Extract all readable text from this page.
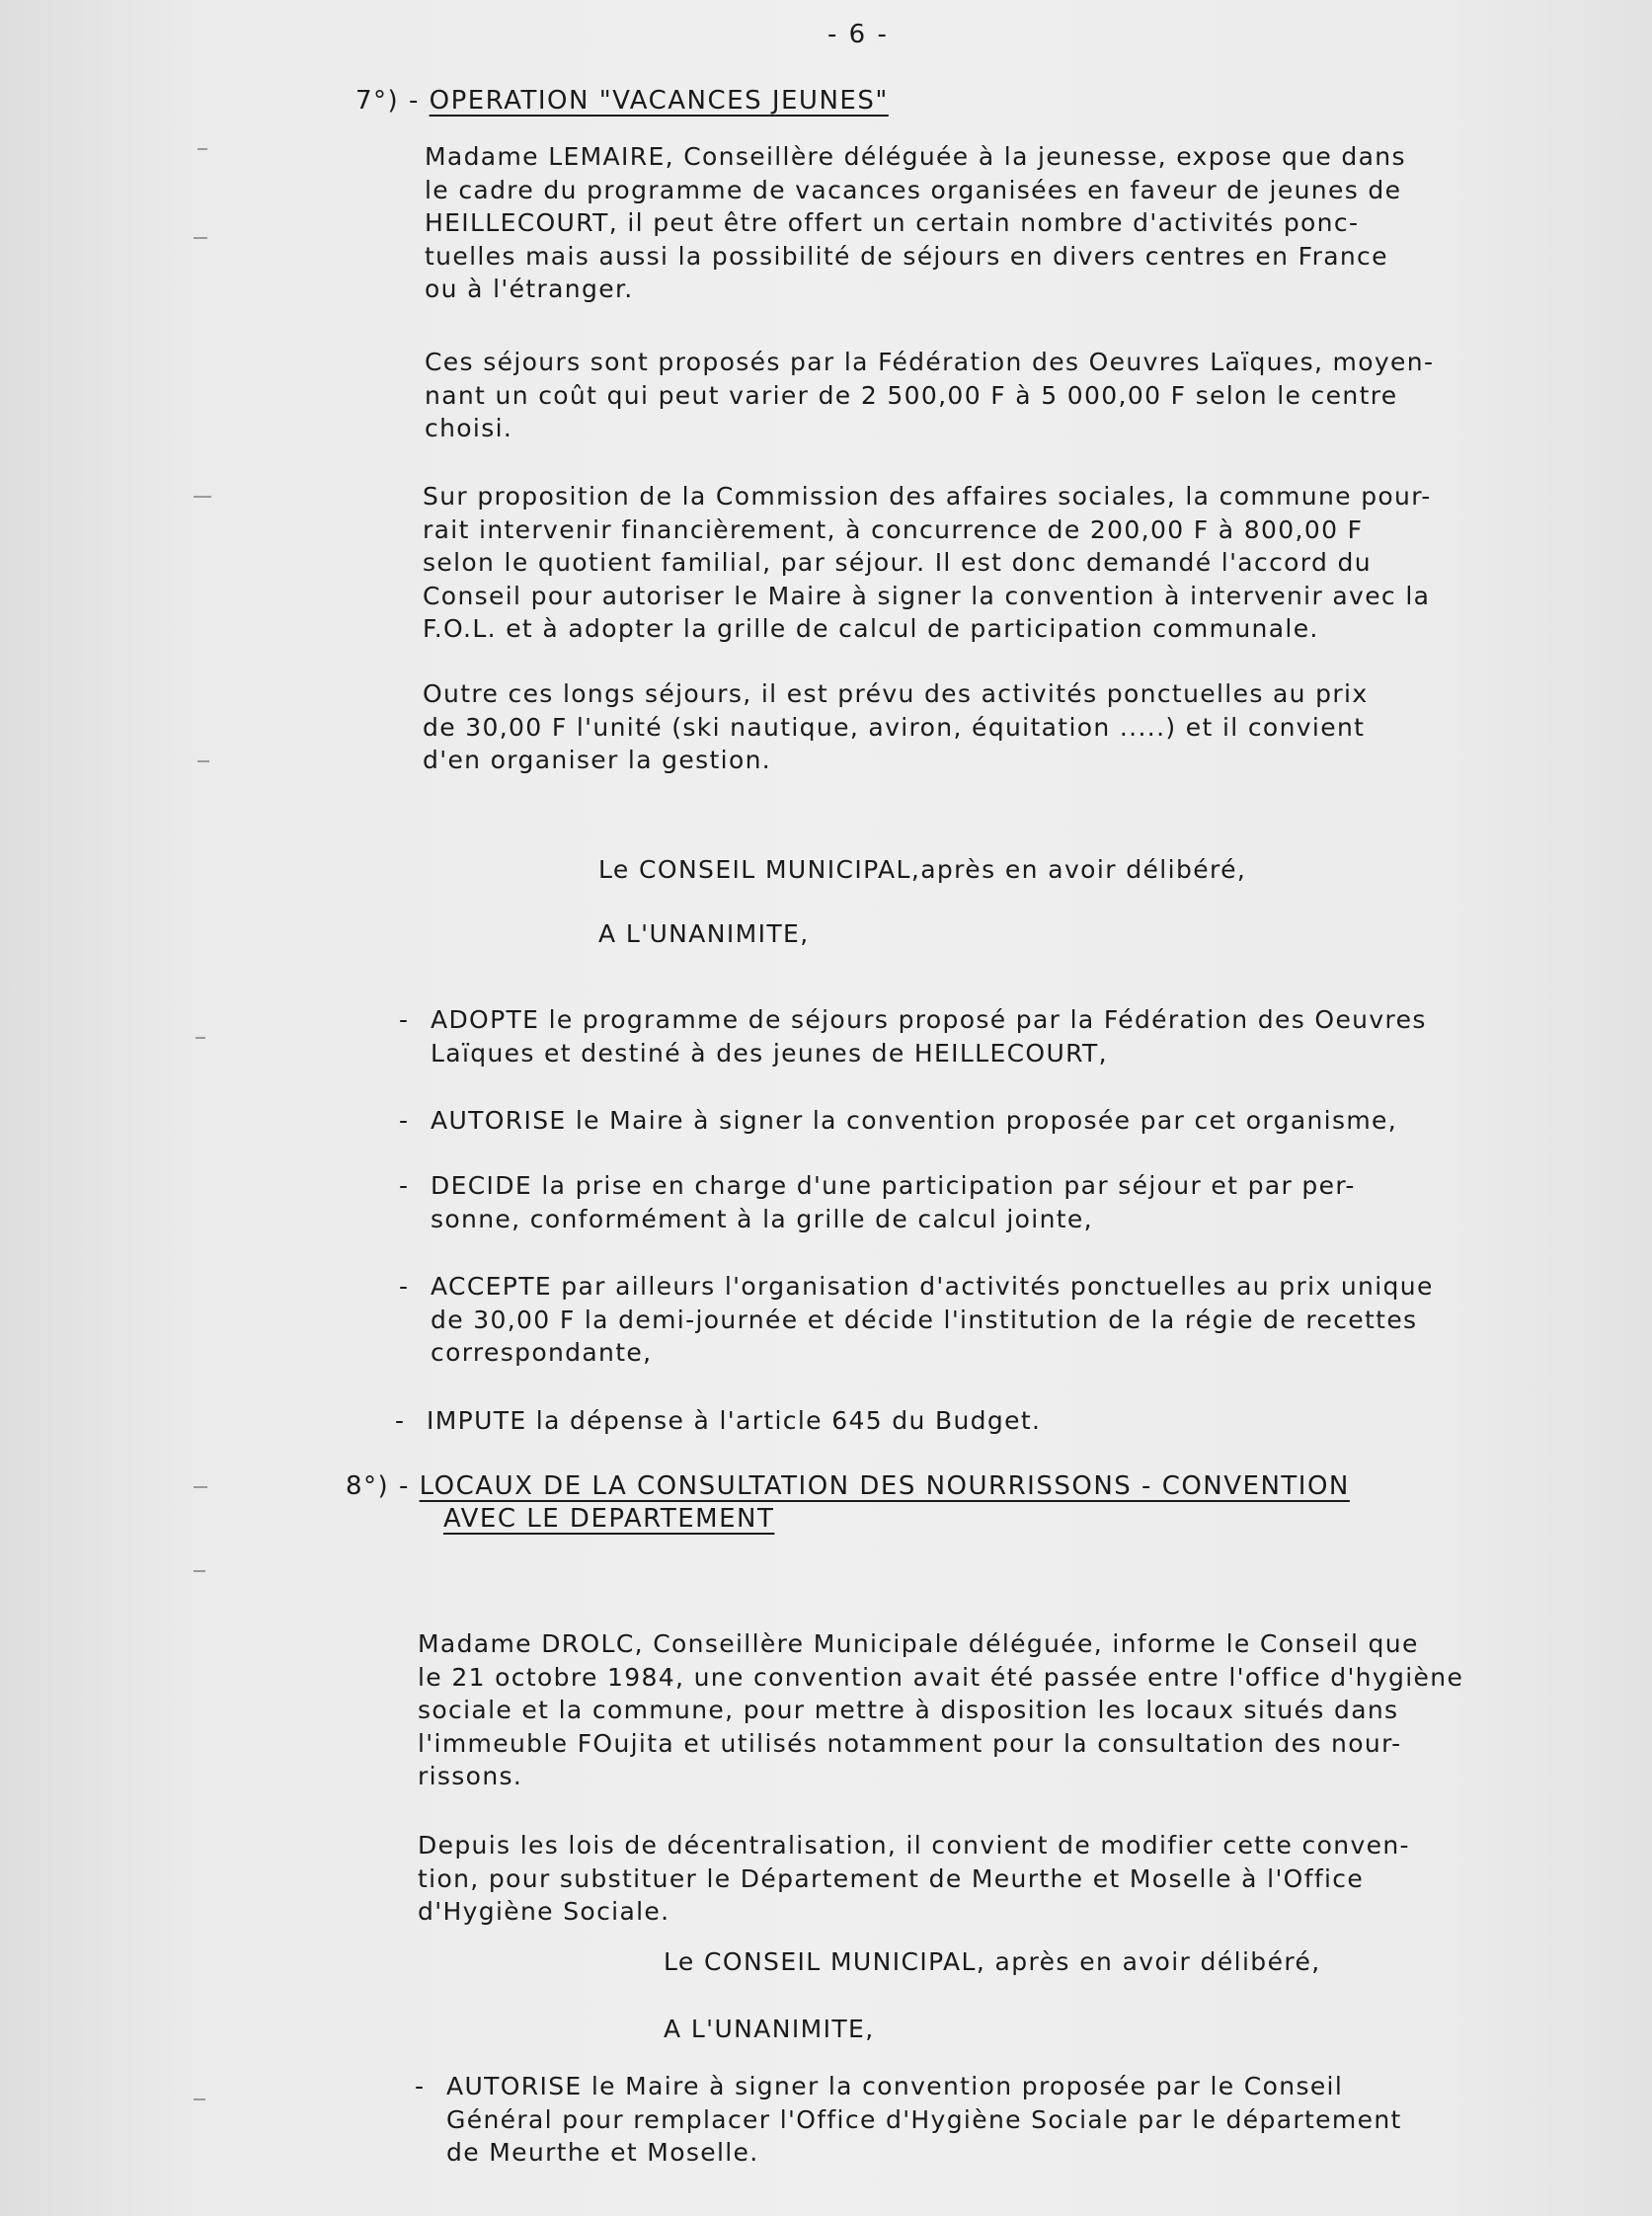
- 6 -
7°) - OPERATION "VACANCES JEUNES"
Madame LEMAIRE, Conseillère déléguée à la jeunesse, expose que dans
le cadre du programme de vacances organisées en faveur de jeunes de
HEILLECOURT, il peut être offert un certain nombre d'activités ponc-
tuelles mais aussi la possibilité de séjours en divers centres en France
ou à l'étranger.
Ces séjours sont proposés par la Fédération des Oeuvres Laïques, moyen-
nant un coût qui peut varier de 2 500,00 F à 5 000,00 F selon le centre
choisi.
Sur proposition de la Commission des affaires sociales, la commune pour-
rait intervenir financièrement, à concurrence de 200,00 F à 800,00 F
selon le quotient familial, par séjour. Il est donc demandé l'accord du
Conseil pour autoriser le Maire à signer la convention à intervenir avec la
F.O.L. et à adopter la grille de calcul de participation communale.
Outre ces longs séjours, il est prévu des activités ponctuelles au prix
de 30,00 F l'unité (ski nautique, aviron, équitation .....) et il convient
d'en organiser la gestion.
Le CONSEIL MUNICIPAL,après en avoir délibéré,
A L'UNANIMITE,
- ADOPTE le programme de séjours proposé par la Fédération des Oeuvres
Laïques et destiné à des jeunes de HEILLECOURT,
- AUTORISE le Maire à signer la convention proposée par cet organisme,
- DECIDE la prise en charge d'une participation par séjour et par per-
sonne, conformément à la grille de calcul jointe,
- ACCEPTE par ailleurs l'organisation d'activités ponctuelles au prix unique
de 30,00 F la demi-journée et décide l'institution de la régie de recettes
correspondante,
- IMPUTE la dépense à l'article 645 du Budget.
8°) - LOCAUX DE LA CONSULTATION DES NOURRISSONS - CONVENTION
AVEC LE DEPARTEMENT
Madame DROLC, Conseillère Municipale déléguée, informe le Conseil que
le 21 octobre 1984, une convention avait été passée entre l'office d'hygiène
sociale et la commune, pour mettre à disposition les locaux situés dans
l'immeuble FOujita et utilisés notamment pour la consultation des nour-
rissons.
Depuis les lois de décentralisation, il convient de modifier cette conven-
tion, pour substituer le Département de Meurthe et Moselle à l'Office
d'Hygiène Sociale.
Le CONSEIL MUNICIPAL, après en avoir délibéré,
A L'UNANIMITE,
- AUTORISE le Maire à signer la convention proposée par le Conseil
Général pour remplacer l'Office d'Hygiène Sociale par le département
de Meurthe et Moselle.
